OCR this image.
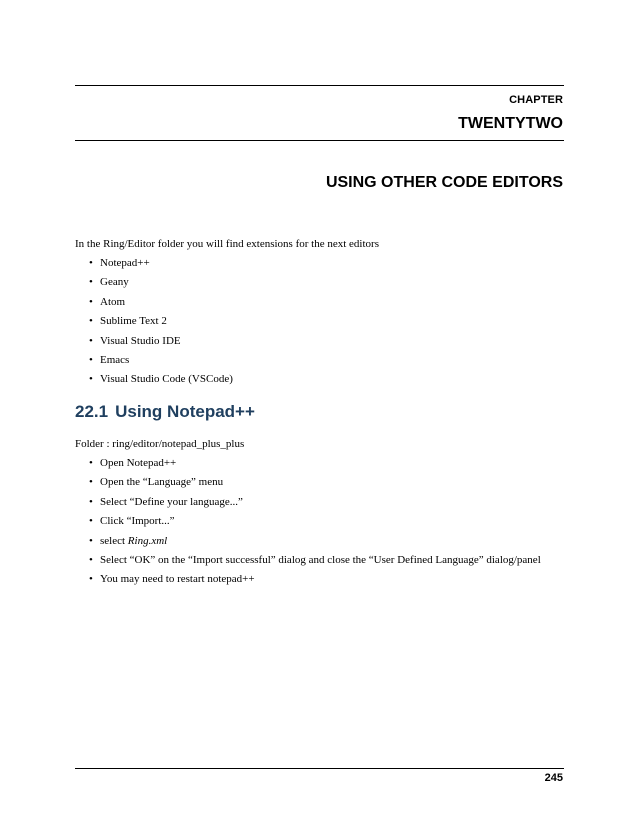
CHAPTER
TWENTYTWO
USING OTHER CODE EDITORS
In the Ring/Editor folder you will find extensions for the next editors
• Notepad++
• Geany
• Atom
• Sublime Text 2
• Visual Studio IDE
• Emacs
• Visual Studio Code (VSCode)
22.1 Using Notepad++
Folder : ring/editor/notepad_plus_plus
• Open Notepad++
• Open the “Language” menu
• Select “Define your language...”
• Click “Import...”
• select Ring.xml
• Select “OK” on the “Import successful” dialog and close the “User Defined Language” dialog/panel
• You may need to restart notepad++
245
